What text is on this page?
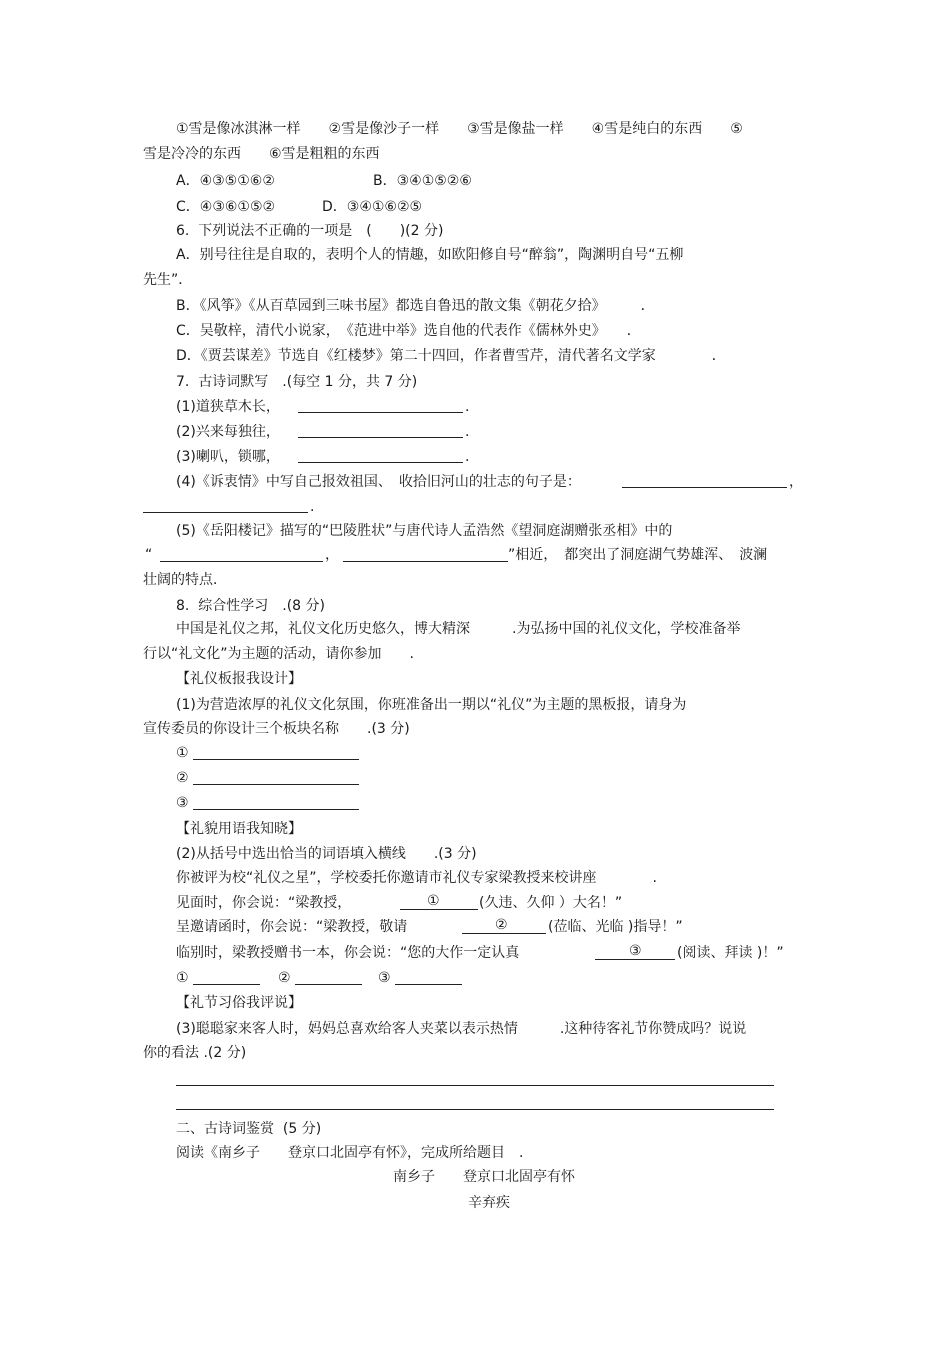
①雪是像冰淇淋一样　　②雪是像沙子一样　　③雪是像盐一样　　④雪是纯白的东西　　⑤
雪是冷冷的东西　　⑥雪是粗粗的东西
A．④③⑤①⑥②	B．③④①⑤②⑥
C．④③⑥①⑤②	D．③④①⑥②⑤
6.  下列说法不正确的一项是　(　　)(2 分)
A．别号往往是自取的，表明个人的情趣，如欧阳修自号“醉翁”，陶渊明自号“五柳
先生”．
B．《风筝》《从百草园到三味书屋》都选自鲁迅的散文集《朝花夕拾》　　　．
C．吴敬梓，清代小说家，　《范进中举》选自他的代表作《儒林外史》　　．
D．《贾芸谋差》节选自《红楼梦》第二十四回，作者曹雪芹，清代著名文学家　　　　．
7.  古诗词默写　.(每空 1 分，共 7 分)
(1)道狭草木长，	.
(2)兴来每独往，	.
(3)喇叭，锁哪，	.
(4)《诉衷情》中写自己报效祖国、　收拾旧河山的壮志的句子是：	，
.
(5)《岳阳楼记》描写的“巴陵胜状”与唐代诗人孟浩然《望洞庭湖赠张丞相》中的
“	，	”相近，　都突出了洞庭湖气势雄浑、　波澜
壮阔的特点．
8.  综合性学习　.(8 分)
中国是礼仪之邦，礼仪文化历史悠久，博大精深　　　.为弘扬中国的礼仪文化，学校准备举
行以“礼文化”为主题的活动，请你参加　　.
【礼仪板报我设计】
(1)为营造浓厚的礼仪文化氛围，你班准备出一期以“礼仪”为主题的黑板报，请身为
宣传委员的你设计三个板块名称　　.(3 分)
①
②
③
【礼貌用语我知晓】
(2)从括号中选出恰当的词语填入横线　　.(3 分)
你被评为校“礼仪之星”，学校委托你邀请市礼仪专家梁教授来校讲座　　　　.
见面时，你会说：“梁教授，	①	(久违、久仰 ）大名！”
呈邀请函时，你会说：“梁教授，敬请	②	(莅临、光临 )指导！”
临别时，梁教授赠书一本，你会说：“您的大作一定认真	③	(阅读、拜读 )！”
①	②	③
【礼节习俗我评说】
(3)聪聪家来客人时，妈妈总喜欢给客人夹菜以表示热情　　　.这种待客礼节你赞成吗？说说
你的看法 .(2 分)
二、古诗词鉴赏  (5 分)
阅读《南乡子　　登京口北固亭有怀》，完成所给题目　.
南乡子　　登京口北固亭有怀
辛弃疾
